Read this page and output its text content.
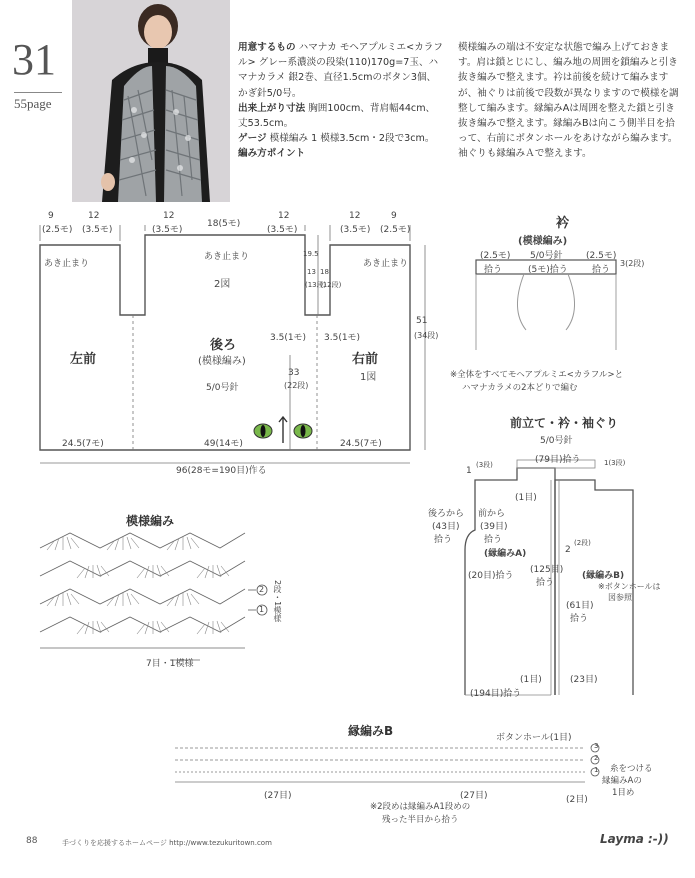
31
55page
用意するもの ハマナカ モヘアプルミエ<カラフル> グレー系濃淡の段染(110)170g=7玉、ハマナカラメ 銀2巻、直径1.5cmのボタン3個、かぎ針5/0号。
出来上がり寸法 胸囲100cm、背肩幅44cm、丈53.5cm。
ゲージ 模様編み 1 模様3.5cm・2段で3cm。
編み方ポイント
模様編みの端は不安定な状態で編み上げておきます。肩は鎖とじにし、編み地の周囲を鎖編みと引き抜き編みで整えます。衿は前後を続けて編みますが、袖ぐりは前後で段数が異なりますので模様を調整して編みます。縁編みAは周囲を整えた鎖と引き抜き編みで整えます。縁編みBは向こう側半目を拾って、右前にボタンホールをあけながら編みます。袖ぐりも縁編みＡで整えます。
9
(2.5モ)
12
(3.5モ)
12
(3.5モ)
18(5モ)
12
(3.5モ)
12
(3.5モ)
9
(2.5モ)
あき止まり
あき止まり
あき止まり
2図
19.5
13
(13段)
18
(12段)
左前
後ろ
(模様編み)
5/0号針
右前
1図
3.5(1モ) 3.5(1モ)
33
(22段)
51
(34段)
24.5(7モ)	49(14モ)	24.5(7モ)
96(28モ=190目)作る
衿
(模様編み)
5/0号針
(2.5モ)	(2.5モ)
拾う	(5モ)拾う	拾う
3(2段)
※全体をすべてモヘアプルミエ<カラフル>と
ハマナカラメの2本どりで編む
前立て・衿・袖ぐり
5/0号針
(79目)拾う
1
(3段)
(1目)
1(3段)
後ろから
(43目)
拾う
前から
(39目)
拾う
(縁編みA)
(125目)
拾う
2
(2段)
(20目)拾う	(縁編みB)
※ボタンホールは
図参照
(61目)
拾う
(1目)	(23目)
(194目)拾う
模様編み
2
1 2段・1模様
7目・1模様
縁編みB	ボタンホール(1目)
3
2
1 糸をつける
縁編みAの
1目め
(27目)	(27目)	(2目)
※2段めは縁編みA1段めの
残った半目から拾う
88	手づくりを応援するホームページ http://www.tezukuritown.com	Layma :-))
